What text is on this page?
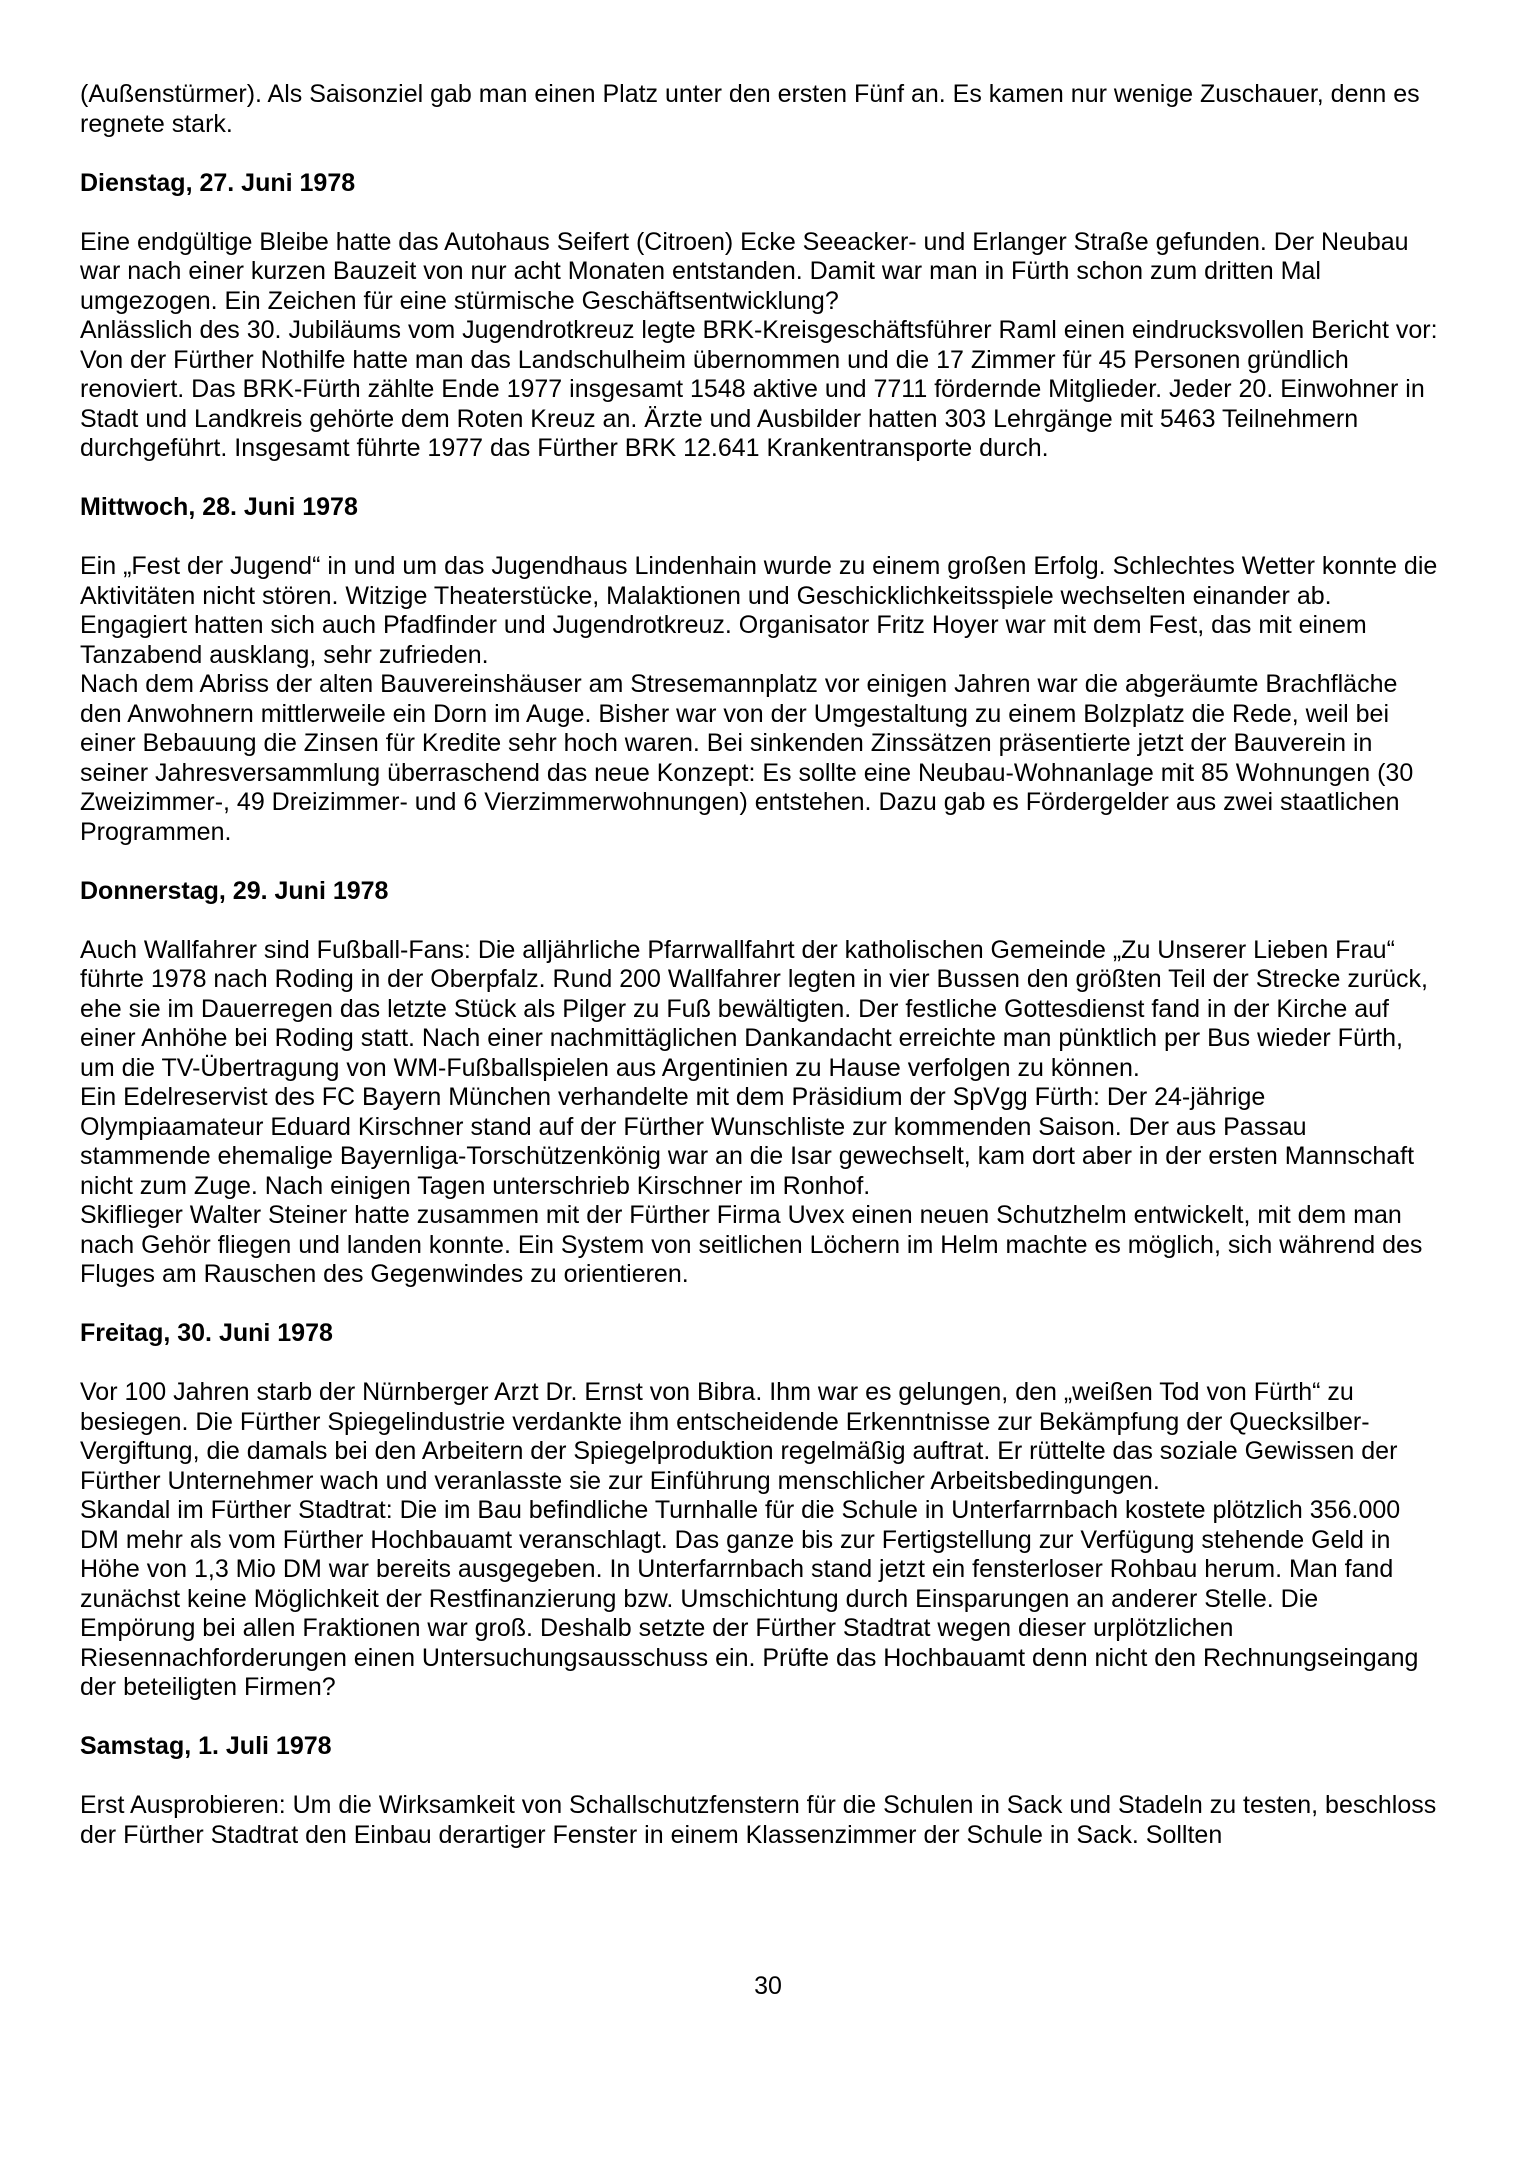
(Außenstürmer). Als Saisonziel gab man einen Platz unter den ersten Fünf an. Es kamen nur wenige Zuschauer, denn es regnete stark.

Dienstag, 27. Juni 1978

Eine endgültige Bleibe hatte das Autohaus Seifert (Citroen) Ecke Seeacker- und Erlanger Straße gefunden. Der Neubau war nach einer kurzen Bauzeit von nur acht Monaten entstanden. Damit war man in Fürth schon zum dritten Mal umgezogen. Ein Zeichen für eine stürmische Geschäftsentwicklung?

Anlässlich des 30. Jubiläums vom Jugendrotkreuz legte BRK-Kreisgeschäftsführer Raml einen eindrucksvollen Bericht vor: Von der Fürther Nothilfe hatte man das Landschulheim übernommen und die 17 Zimmer für 45 Personen gründlich renoviert. Das BRK-Fürth zählte Ende 1977 insgesamt 1548 aktive und 7711 fördernde Mitglieder. Jeder 20. Einwohner in Stadt und Landkreis gehörte dem Roten Kreuz an. Ärzte und Ausbilder hatten 303 Lehrgänge mit 5463 Teilnehmern durchgeführt. Insgesamt führte 1977 das Fürther BRK 12.641 Krankentransporte durch.

Mittwoch, 28. Juni 1978

Ein „Fest der Jugend“ in und um das Jugendhaus Lindenhain wurde zu einem großen Erfolg. Schlechtes Wetter konnte die Aktivitäten nicht stören. Witzige Theaterstücke, Malaktionen und Geschicklichkeitsspiele wechselten einander ab. Engagiert hatten sich auch Pfadfinder und Jugendrotkreuz. Organisator Fritz Hoyer war mit dem Fest, das mit einem Tanzabend ausklang, sehr zufrieden.

Nach dem Abriss der alten Bauvereinshäuser am Stresemannplatz vor einigen Jahren war die abgeräumte Brachfläche den Anwohnern mittlerweile ein Dorn im Auge. Bisher war von der Umgestaltung zu einem Bolzplatz die Rede, weil bei einer Bebauung die Zinsen für Kredite sehr hoch waren. Bei sinkenden Zinssätzen präsentierte jetzt der Bauverein in seiner Jahresversammlung überraschend das neue Konzept: Es sollte eine Neubau-Wohnanlage mit 85 Wohnungen (30 Zweizimmer-, 49 Dreizimmer- und 6 Vierzimmerwohnungen) entstehen. Dazu gab es Fördergelder aus zwei staatlichen Programmen.

Donnerstag, 29. Juni 1978

Auch Wallfahrer sind Fußball-Fans: Die alljährliche Pfarrwallfahrt der katholischen Gemeinde „Zu Unserer Lieben Frau“ führte 1978 nach Roding in der Oberpfalz. Rund 200 Wallfahrer legten in vier Bussen den größten Teil der Strecke zurück, ehe sie im Dauerregen das letzte Stück als Pilger zu Fuß bewältigten. Der festliche Gottesdienst fand in der Kirche auf einer Anhöhe bei Roding statt. Nach einer nachmittäglichen Dankandacht erreichte man pünktlich per Bus wieder Fürth, um die TV-Übertragung von WM-Fußballspielen aus Argentinien zu Hause verfolgen zu können.

Ein Edelreservist des FC Bayern München verhandelte mit dem Präsidium der SpVgg Fürth: Der 24-jährige Olympiaamateur Eduard Kirschner stand auf der Fürther Wunschliste zur kommenden Saison. Der aus Passau stammende ehemalige Bayernliga-Torschützenkönig war an die Isar gewechselt, kam dort aber in der ersten Mannschaft nicht zum Zuge. Nach einigen Tagen unterschrieb Kirschner im Ronhof.

Skiflieger Walter Steiner hatte zusammen mit der Fürther Firma Uvex einen neuen Schutzhelm entwickelt, mit dem man nach Gehör fliegen und landen konnte. Ein System von seitlichen Löchern im Helm machte es möglich, sich während des Fluges am Rauschen des Gegenwindes zu orientieren.

Freitag, 30. Juni 1978

Vor 100 Jahren starb der Nürnberger Arzt Dr. Ernst von Bibra. Ihm war es gelungen, den „weißen Tod von Fürth“ zu besiegen. Die Fürther Spiegelindustrie verdankte ihm entscheidende Erkenntnisse zur Bekämpfung der Quecksilber-Vergiftung, die damals bei den Arbeitern der Spiegelproduktion regelmäßig auftrat. Er rüttelte das soziale Gewissen der Fürther Unternehmer wach und veranlasste sie zur Einführung menschlicher Arbeitsbedingungen.

Skandal im Fürther Stadtrat: Die im Bau befindliche Turnhalle für die Schule in Unterfarrnbach kostete plötzlich 356.000 DM mehr als vom Fürther Hochbauamt veranschlagt. Das ganze bis zur Fertigstellung zur Verfügung stehende Geld in Höhe von 1,3 Mio DM war bereits ausgegeben. In Unterfarrnbach stand jetzt ein fensterloser Rohbau herum. Man fand zunächst keine Möglichkeit der Restfinanzierung bzw. Umschichtung durch Einsparungen an anderer Stelle. Die Empörung bei allen Fraktionen war groß. Deshalb setzte der Fürther Stadtrat wegen dieser urplötzlichen Riesennachforderungen einen Untersuchungsausschuss ein. Prüfte das Hochbauamt denn nicht den Rechnungseingang der beteiligten Firmen?

Samstag, 1. Juli 1978

Erst Ausprobieren: Um die Wirksamkeit von Schallschutzfenstern für die Schulen in Sack und Stadeln zu testen, beschloss der Fürther Stadtrat den Einbau derartiger Fenster in einem Klassenzimmer der Schule in Sack. Sollten

30
